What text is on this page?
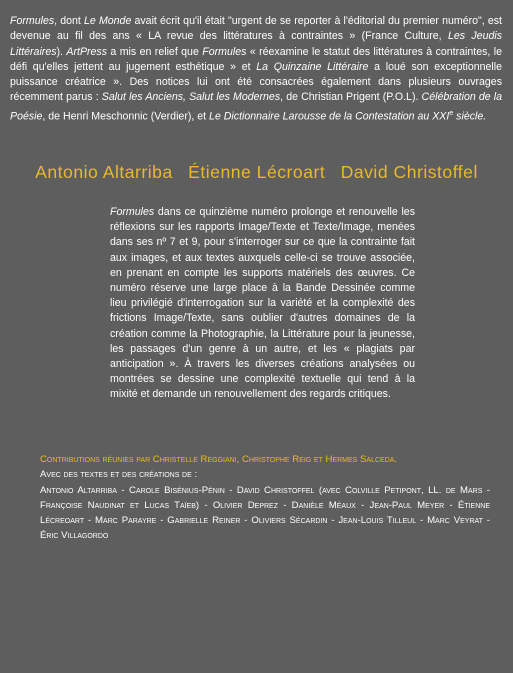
Formules, dont Le Monde avait écrit qu'il était "urgent de se reporter à l'éditorial du premier numéro", est devenue au fil des ans « LA revue des littératures à contraintes » (France Culture, Les Jeudis Littéraires). ArtPress a mis en relief que Formules « réexamine le statut des littératures à contraintes, le défi qu'elles jettent au jugement esthétique » et La Quinzaine Littéraire a loué son exceptionnelle puissance créatrice ». Des notices lui ont été consacrées également dans plusieurs ouvrages récemment parus : Salut les Anciens, Salut les Modernes, de Christian Prigent (P.O.L). Célébration de la Poésie, de Henri Meschonnic (Verdier), et Le Dictionnaire Larousse de la Contestation au XXIe siècle.
Antonio Altarriba Étienne Lécroart David Christoffel
Formules dans ce quinzième numéro prolonge et renouvelle les réflexions sur les rapports Image/Texte et Texte/Image, menées dans ses nº 7 et 9, pour s'interroger sur ce que la contrainte fait aux images, et aux textes auxquels celle-ci se trouve associée, en prenant en compte les supports matériels des œuvres. Ce numéro réserve une large place à la Bande Dessinée comme lieu privilégié d'interrogation sur la variété et la complexité des frictions Image/Texte, sans oublier d'autres domaines de la création comme la Photographie, la Littérature pour la jeunesse, les passages d'un genre à un autre, et les « plagiats par anticipation ». À travers les diverses créations analysées ou montrées se dessine une complexité textuelle qui tend à la mixité et demande un renouvellement des regards critiques.
Contributions réunies par Christelle Reggiani, Christophe Reig et Hermes Salceda.
Avec des textes et des créations de :
Antonio Altarriba - Carole Bisénius-Pénin - David Christoffel (avec Colville Petipont, LL. de Mars - Françoise Naudinat et Lucas Taïeb) - Olivier Deprez - Danièle Méaux - Jean-Paul Meyer - Étienne Lécreoart - Marc Parayre - Gabrielle Reiner - Oliviers Sécardin - Jean-Louis Tilleul - Marc Veyrat - Éric Villagordo
